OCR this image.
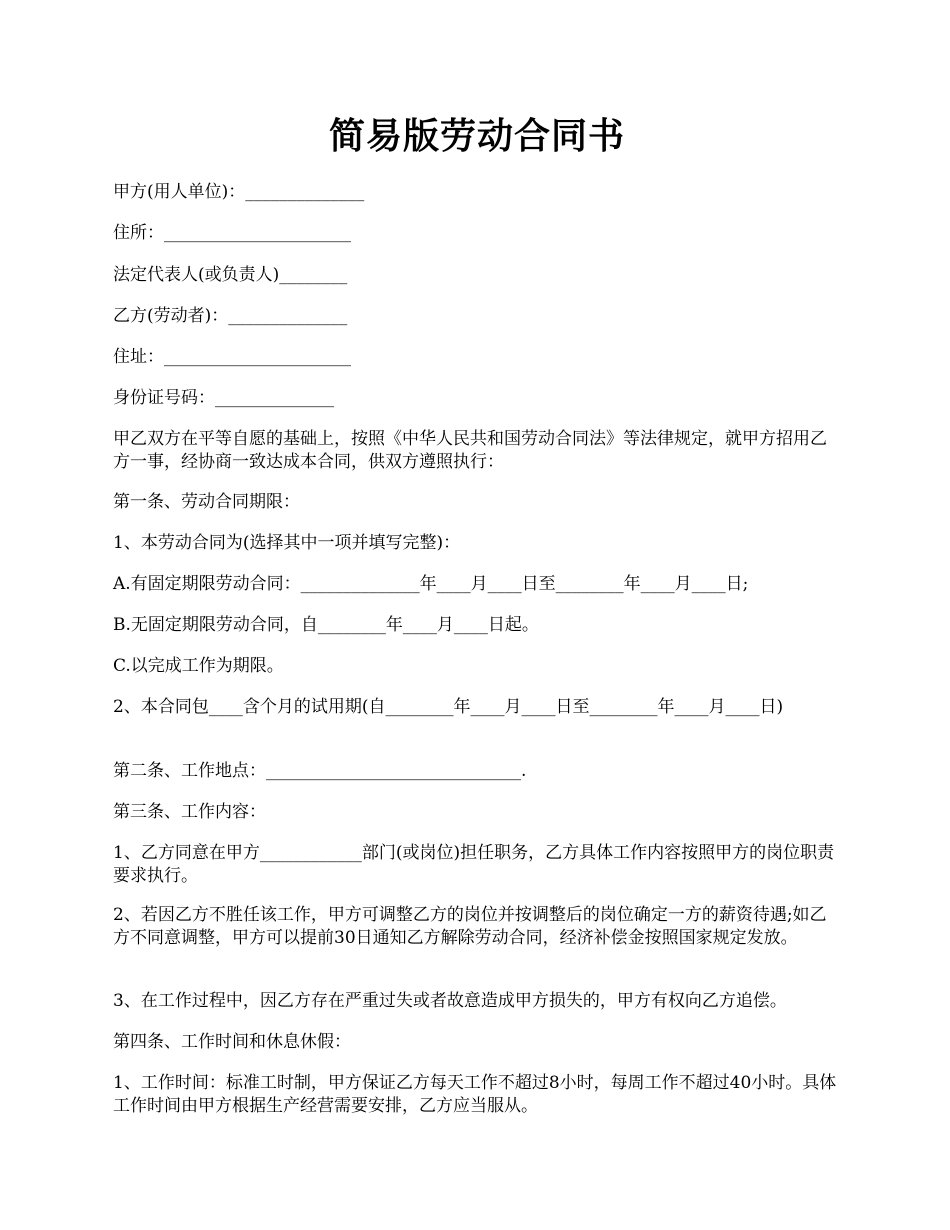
简易版劳动合同书
甲方(用人单位)：______________
住所：______________________
法定代表人(或负责人)________
乙方(劳动者)：______________
住址：______________________
身份证号码：______________
甲乙双方在平等自愿的基础上，按照《中华人民共和国劳动合同法》等法律规定，就甲方招用乙方一事，经协商一致达成本合同，供双方遵照执行：
第一条、劳动合同期限：
1、本劳动合同为(选择其中一项并填写完整)：
A.有固定期限劳动合同：______________年____月____日至________年____月____日;
B.无固定期限劳动合同，自________年____月____日起。
C.以完成工作为期限。
2、本合同包____含个月的试用期(自________年____月____日至________年____月____日)
第二条、工作地点：______________________________.
第三条、工作内容：
1、乙方同意在甲方____________部门(或岗位)担任职务，乙方具体工作内容按照甲方的岗位职责要求执行。
2、若因乙方不胜任该工作，甲方可调整乙方的岗位并按调整后的岗位确定一方的薪资待遇;如乙方不同意调整，甲方可以提前30日通知乙方解除劳动合同，经济补偿金按照国家规定发放。
3、在工作过程中，因乙方存在严重过失或者故意造成甲方损失的，甲方有权向乙方追偿。
第四条、工作时间和休息休假：
1、工作时间：标准工时制，甲方保证乙方每天工作不超过8小时，每周工作不超过40小时。具体工作时间由甲方根据生产经营需要安排，乙方应当服从。
